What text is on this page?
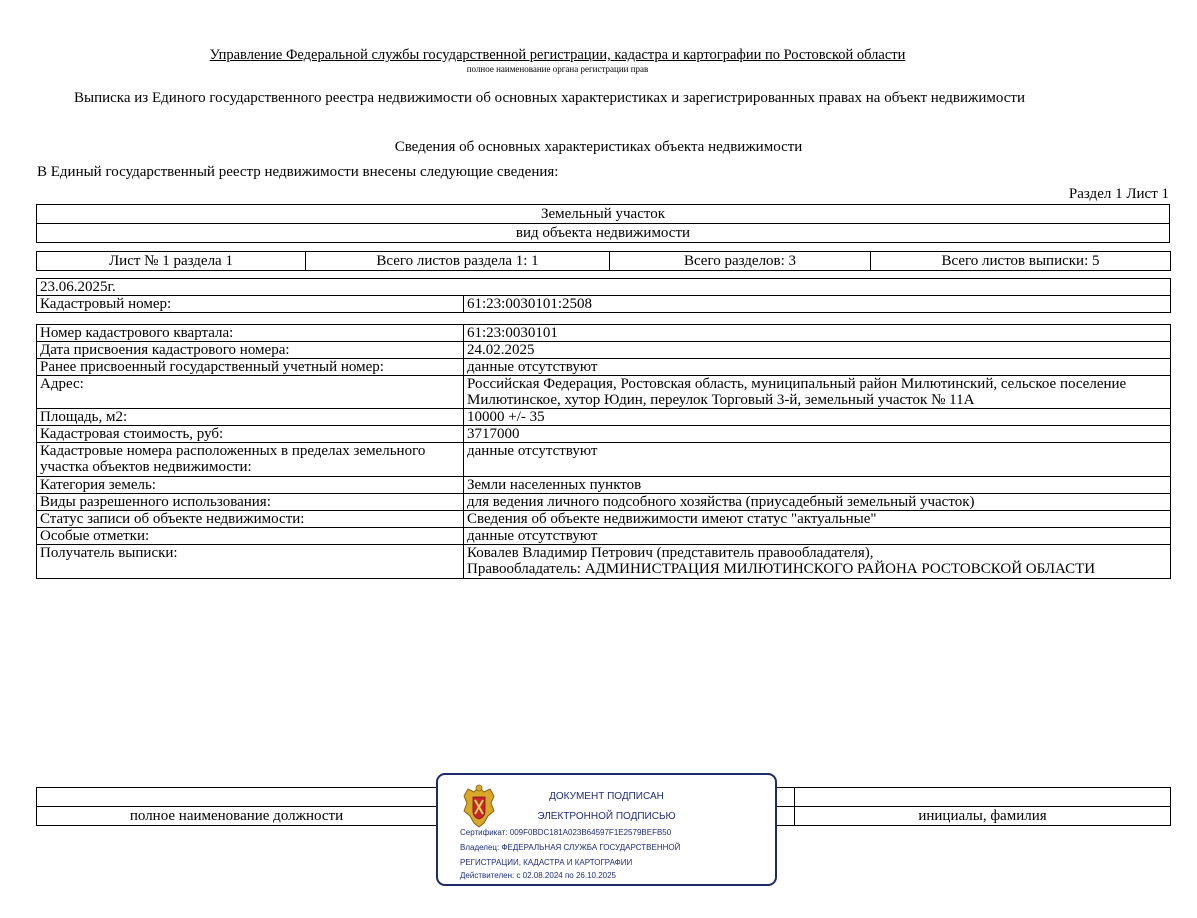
Управление Федеральной службы государственной регистрации, кадастра и картографии по Ростовской области
полное наименование органа регистрации прав
Выписка из Единого государственного реестра недвижимости об основных характеристиках и зарегистрированных правах на объект недвижимости
Сведения об основных характеристиках объекта недвижимости
В Единый государственный реестр недвижимости внесены следующие сведения:
Раздел 1 Лист 1
Земельный участок
вид объекта недвижимости
Лист № 1 раздела 1	Всего листов раздела 1: 1	Всего разделов: 3	Всего листов выписки: 5
23.06.2025г.
Кадастровый номер:	61:23:0030101:2508
Номер кадастрового квартала:	61:23:0030101
Дата присвоения кадастрового номера:	24.02.2025
Ранее присвоенный государственный учетный номер:	данные отсутствуют
Адрес:	Российская Федерация, Ростовская область, муниципальный район Милютинский, сельское поселение Милютинское, хутор Юдин, переулок Торговый 3-й, земельный участок № 11А
Площадь, м2:	10000 +/- 35
Кадастровая стоимость, руб:	3717000
Кадастровые номера расположенных в пределах земельного участка объектов недвижимости:	данные отсутствуют
Категория земель:	Земли населенных пунктов
Виды разрешенного использования:	для ведения личного подсобного хозяйства (приусадебный земельный участок)
Статус записи об объекте недвижимости:	Сведения об объекте недвижимости имеют статус "актуальные"
Особые отметки:	данные отсутствуют
Получатель выписки:	Ковалев Владимир Петрович (представитель правообладателя),
Правообладатель: АДМИНИСТРАЦИЯ МИЛЮТИНСКОГО РАЙОНА РОСТОВСКОЙ ОБЛАСТИ

полное наименование должности		инициалы, фамилия
ДОКУМЕНТ ПОДПИСАН
ЭЛЕКТРОННОЙ ПОДПИСЬЮ
Сертификат: 009F0BDC181A023B64597F1E2579BEFB50
Владелец: ФЕДЕРАЛЬНАЯ СЛУЖБА ГОСУДАРСТВЕННОЙ
РЕГИСТРАЦИИ, КАДАСТРА И КАРТОГРАФИИ
Действителен: с 02.08.2024 по 26.10.2025
